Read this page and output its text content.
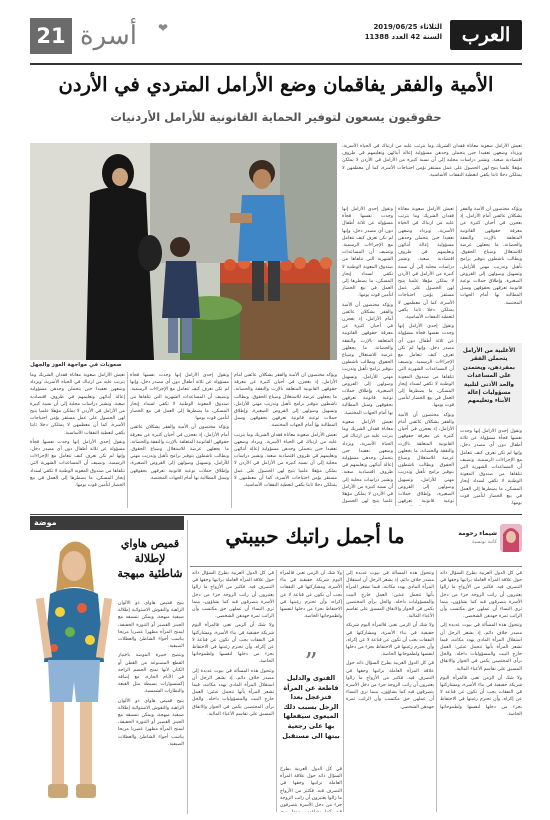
العرب
الثلاثاء 2019/06/25
السنة 42 العدد 11388
❤
أسرة
21
الأمية والفقر يفاقمان وضع الأرامل المتردي في الأردن
حقوقيون يسعون لتوفير الحماية القانونية للأرامل الأردنيات

تعيش الأرامل صعوبة معاناة فقدان الشريك وما يترتب عليه من ارتباك في الحياة الأسرية، ويزداد وضعهن تعقيدا حين يتحملن وحدهن مسؤولية إعالة أبنائهن وتعليمهم في ظروف اقتصادية صعبة. وتشير دراسات محلية إلى أن نسبة كبيرة من الأرامل في الأردن لا يملكن مؤهلا علميا يتيح لهن الحصول على عمل مستقر يؤمن احتياجات الأسرة، كما أن معظمهن لا يمتلكن دخلا ثابتا يكفي لتغطية النفقات الأساسية.

ويؤكد مختصون أن الأمية والفقر يشكلان عائقين أمام الأرامل، إذ يعجزن في أحيان كثيرة عن معرفة حقوقهن القانونية المتعلقة بالإرث والنفقة والحضانة، ما يجعلهن عرضة للاستغلال وضياع الحقوق. ويطالب ناشطون بتوفير برامج تأهيل وتدريب مهني للأرامل، وتسهيل وصولهن إلى القروض الصغيرة، وإطلاق حملات توعية قانونية تعرفهن بحقوقهن وسبل المطالبة بها أمام الجهات المختصة.

تعيش الأرامل صعوبة معاناة فقدان الشريك وما يترتب عليه من ارتباك في الحياة الأسرية، ويزداد وضعهن تعقيدا حين يتحملن وحدهن مسؤولية إعالة أبنائهن وتعليمهم في ظروف اقتصادية صعبة. وتشير دراسات محلية إلى أن نسبة كبيرة من الأرامل في الأردن لا يملكن مؤهلا علميا يتيح لهن الحصول على عمل مستقر يؤمن احتياجات الأسرة، كما أن معظمهن لا يمتلكن دخلا ثابتا يكفي لتغطية النفقات الأساسية.

وتقول إحدى الأرامل إنها وجدت نفسها فجأة مسؤولة عن ثلاثة أطفال دون أي مصدر دخل، وإنها لم تكن تعرف كيف تتعامل مع الإجراءات الرسمية. وتضيف أن المساعدات الشهرية التي تتلقاها من صندوق المعونة الوطنية لا تكفي لسداد إيجار المسكن، ما يضطرها إلى العمل في بيع الخضار لتأمين قوت يومها.

ويؤكد مختصون أن الأمية والفقر يشكلان عائقين أمام الأرامل، إذ يعجزن في أحيان كثيرة عن معرفة حقوقهن القانونية المتعلقة بالإرث والنفقة والحضانة، ما يجعلهن عرضة للاستغلال وضياع الحقوق. ويطالب ناشطون بتوفير برامج تأهيل وتدريب مهني للأرامل، وتسهيل وصولهن إلى القروض الصغيرة، وإطلاق حملات توعية قانونية تعرفهن

وتقول إحدى الأرامل إنها وجدت نفسها فجأة مسؤولة عن ثلاثة أطفال دون أي مصدر دخل، وإنها لم تكن تعرف كيف تتعامل مع الإجراءات الرسمية. وتضيف أن المساعدات الشهرية التي تتلقاها من صندوق المعونة الوطنية لا تكفي لسداد إيجار المسكن، ما يضطرها إلى العمل في بيع الخضار لتأمين قوت يومها.

ويؤكد مختصون أن الأمية والفقر يشكلان عائقين أمام الأرامل، إذ يعجزن في أحيان كثيرة عن معرفة حقوقهن القانونية المتعلقة بالإرث والنفقة والحضانة، ما يجعلهن عرضة للاستغلال وضياع الحقوق. ويطالب ناشطون بتوفير برامج تأهيل وتدريب مهني للأرامل، وتسهيل وصولهن إلى القروض الصغيرة، وإطلاق حملات توعية قانونية تعرفهن بحقوقهن وسبل المطالبة بها أمام الجهات المختصة.

تعيش الأرامل صعوبة معاناة فقدان الشريك وما يترتب عليه من ارتباك في الحياة الأسرية، ويزداد وضعهن تعقيدا حين يتحملن وحدهن مسؤولية إعالة أبنائهن وتعليمهم في ظروف اقتصادية صعبة. وتشير دراسات محلية إلى أن نسبة كبيرة من الأرامل في الأردن لا يملكن مؤهلا علميا يتيح لهن الحصول

الأغلبية من الأرامل يتحملن الفقر بمفردهن، ويعتمدن على المساعدات والحد الأدنى لتلبية مسؤوليات إعالة الأبناء وتعليمهم

وتقول إحدى الأرامل إنها وجدت نفسها فجأة مسؤولة عن ثلاثة أطفال دون أي مصدر دخل، وإنها لم تكن تعرف كيف تتعامل مع الإجراءات الرسمية. وتضيف أن المساعدات الشهرية التي تتلقاها من صندوق المعونة الوطنية لا تكفي لسداد إيجار المسكن، ما يضطرها إلى العمل في بيع الخضار لتأمين قوت يومها.

صعوبات في مواجهة العوز والجهل

ويؤكد مختصون أن الأمية والفقر يشكلان عائقين أمام الأرامل، إذ يعجزن في أحيان كثيرة عن معرفة حقوقهن القانونية المتعلقة بالإرث والنفقة والحضانة، ما يجعلهن عرضة للاستغلال وضياع الحقوق. ويطالب ناشطون بتوفير برامج تأهيل وتدريب مهني للأرامل، وتسهيل وصولهن إلى القروض الصغيرة، وإطلاق حملات توعية قانونية تعرفهن بحقوقهن وسبل المطالبة بها أمام الجهات المختصة.

تعيش الأرامل صعوبة معاناة فقدان الشريك وما يترتب عليه من ارتباك في الحياة الأسرية، ويزداد وضعهن تعقيدا حين يتحملن وحدهن مسؤولية إعالة أبنائهن وتعليمهم في ظروف اقتصادية صعبة. وتشير دراسات محلية إلى أن نسبة كبيرة من الأرامل في الأردن لا يملكن مؤهلا علميا يتيح لهن الحصول على عمل مستقر يؤمن احتياجات الأسرة، كما أن معظمهن لا يمتلكن دخلا ثابتا يكفي لتغطية النفقات الأساسية.

وتقول إحدى الأرامل إنها وجدت نفسها فجأة مسؤولة عن ثلاثة أطفال دون أي مصدر دخل، وإنها لم تكن تعرف كيف تتعامل مع الإجراءات الرسمية. وتضيف أن المساعدات الشهرية التي تتلقاها من صندوق المعونة الوطنية لا تكفي لسداد إيجار المسكن، ما يضطرها إلى العمل في بيع الخضار لتأمين قوت يومها.

ويؤكد مختصون أن الأمية والفقر يشكلان عائقين أمام الأرامل، إذ يعجزن في أحيان كثيرة عن معرفة حقوقهن القانونية المتعلقة بالإرث والنفقة والحضانة، ما يجعلهن عرضة للاستغلال وضياع الحقوق. ويطالب ناشطون بتوفير برامج تأهيل وتدريب مهني للأرامل، وتسهيل وصولهن إلى القروض الصغيرة، وإطلاق حملات توعية قانونية تعرفهن بحقوقهن وسبل المطالبة بها أمام الجهات المختصة.

تعيش الأرامل صعوبة معاناة فقدان الشريك وما يترتب عليه من ارتباك في الحياة الأسرية، ويزداد وضعهن تعقيدا حين يتحملن وحدهن مسؤولية إعالة أبنائهن وتعليمهم في ظروف اقتصادية صعبة. وتشير دراسات محلية إلى أن نسبة كبيرة من الأرامل في الأردن لا يملكن مؤهلا علميا يتيح لهن الحصول على عمل مستقر يؤمن احتياجات الأسرة، كما أن معظمهن لا يمتلكن دخلا ثابتا يكفي لتغطية النفقات الأساسية.

وتقول إحدى الأرامل إنها وجدت نفسها فجأة مسؤولة عن ثلاثة أطفال دون أي مصدر دخل، وإنها لم تكن تعرف كيف تتعامل مع الإجراءات الرسمية. وتضيف أن المساعدات الشهرية التي تتلقاها من صندوق المعونة الوطنية لا تكفي لسداد إيجار المسكن، ما يضطرها إلى العمل في بيع الخضار لتأمين قوت يومها.

موضة
قميص هاواي لإطلالة شاطئية مبهجة

يتيح قميص هاواي ذو الألوان الزاهية والنقوش الاستوائية إطلالة صيفية مبهجة، ويمكن تنسيقه مع الجينز القصير أو التنورة الخفيفة، ليمنح المرأة مظهرا عصريا مريحا يناسب أجواء الشاطئ والعطلات الصيفية.

وتنصح خبيرة الموضة باختيار القطع المصنوعة من القطن أو الكتان لأنها تمنح الجسم الراحة في الأيام الحارة، مع إضافة إكسسوارات بسيطة مثل القبعة والنظارات الشمسية.

يتيح قميص هاواي ذو الألوان الزاهية والنقوش الاستوائية إطلالة صيفية مبهجة، ويمكن تنسيقه مع الجينز القصير أو التنورة الخفيفة، ليمنح المرأة مظهرا عصريا مريحا يناسب أجواء الشاطئ والعطلات الصيفية.

ما أجمل راتبك حبيبتي	شيماء رحومة
كاتبة تونسية

في كل الدول العربية يطرح السؤال ذاته حول علاقة المرأة العاملة براتبها وحقها في التصرف فيه. فكثير من الأزواج ما زالوا يعتبرون أن راتب الزوجة جزء من دخل الأسرة يتصرفون فيه كما يشاؤون، بينما ترى النساء أن عملهن حق مكتسب وأن الراتب ثمرة جهدهن الشخصي.

وتتحول هذه المسألة في بيوت عديدة إلى مصدر خلاف دائم، إذ يشعر الرجل أن استقلال المرأة المادي يهدد مكانته، فيما تشعر المرأة بأنها تتحمل عبئين: العمل خارج البيت والمسؤوليات داخله. والحل برأي المختصين يكمن في الحوار والاتفاق المسبق على تقاسم الأعباء المالية.

ولا شك أن الزمن تغير، فالمرأة اليوم شريكة حقيقية في بناء الأسرة، ومشاركتها في النفقات يجب أن تكون عن قناعة لا عن إكراه، وأن تحترم رغبتها في الاحتفاظ بجزء من دخلها لنفسها ولطموحاتها الخاصة.

وتتحول هذه المسألة في بيوت عديدة إلى مصدر خلاف دائم، إذ يشعر الرجل أن استقلال المرأة المادي يهدد مكانته، فيما تشعر المرأة بأنها تتحمل عبئين: العمل خارج البيت والمسؤوليات داخله. والحل برأي المختصين يكمن في الحوار والاتفاق المسبق على تقاسم الأعباء المالية.

ولا شك أن الزمن تغير، فالمرأة اليوم شريكة حقيقية في بناء الأسرة، ومشاركتها في النفقات يجب أن تكون عن قناعة لا عن إكراه، وأن تحترم رغبتها في الاحتفاظ بجزء من دخلها لنفسها ولطموحاتها الخاصة.

في كل الدول العربية يطرح السؤال ذاته حول علاقة المرأة العاملة براتبها وحقها في التصرف فيه. فكثير من الأزواج ما زالوا يعتبرون أن راتب الزوجة جزء من دخل الأسرة يتصرفون فيه كما يشاؤون، بينما ترى النساء أن عملهن حق مكتسب وأن الراتب ثمرة جهدهن الشخصي.

ولا شك أن الزمن تغير، فالمرأة اليوم شريكة حقيقية في بناء الأسرة، ومشاركتها في النفقات يجب أن تكون عن قناعة لا عن إكراه، وأن تحترم رغبتها في الاحتفاظ بجزء من دخلها لنفسها ولطموحاتها الخاصة.

”
الفتوى والدليل قاطعة عن المرأة فتزعجل بعدا الرجل بسبب ذلك الميعوى سيفعلها بها على رجعية بيتها الى مستقبل

في كل الدول العربية يطرح السؤال ذاته حول علاقة المرأة العاملة براتبها وحقها في التصرف فيه. فكثير من الأزواج ما زالوا يعتبرون أن راتب الزوجة جزء من دخل الأسرة يتصرفون

في كل الدول العربية يطرح السؤال ذاته حول علاقة المرأة العاملة براتبها وحقها في التصرف فيه. فكثير من الأزواج ما زالوا يعتبرون أن راتب الزوجة جزء من دخل الأسرة يتصرفون فيه كما يشاؤون، بينما ترى النساء أن عملهن حق مكتسب وأن الراتب ثمرة جهدهن الشخصي.

ولا شك أن الزمن تغير، فالمرأة اليوم شريكة حقيقية في بناء الأسرة، ومشاركتها في النفقات يجب أن تكون عن قناعة لا عن إكراه، وأن تحترم رغبتها في الاحتفاظ بجزء من دخلها لنفسها ولطموحاتها الخاصة.

وتتحول هذه المسألة في بيوت عديدة إلى مصدر خلاف دائم، إذ يشعر الرجل أن استقلال المرأة المادي يهدد مكانته، فيما تشعر المرأة بأنها تتحمل عبئين: العمل خارج البيت والمسؤوليات داخله. والحل برأي المختصين يكمن في الحوار والاتفاق المسبق على تقاسم الأعباء المالية.
